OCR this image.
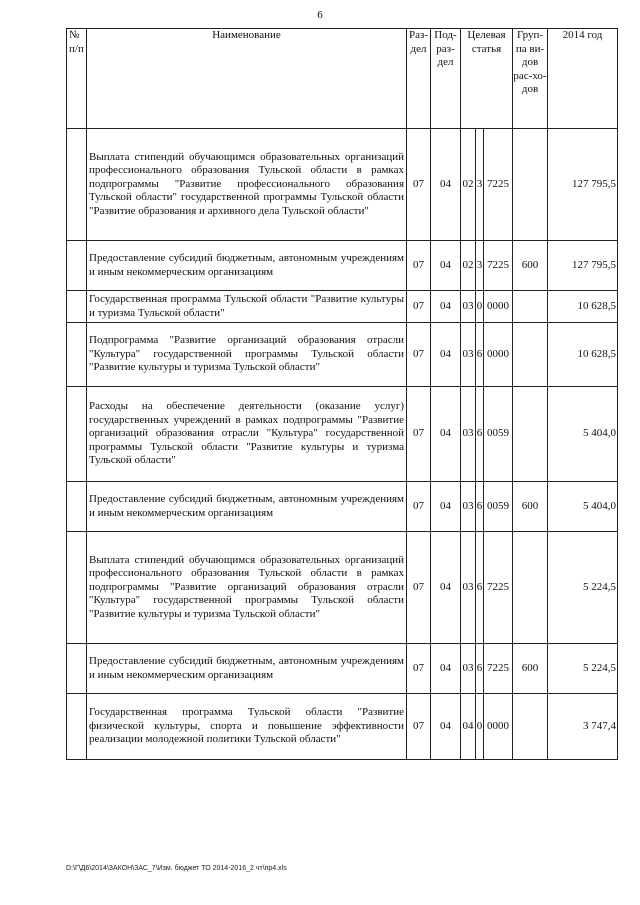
6
№ п/п	Наименование	Раз-дел	Под-раз-дел	Целевая статья			Груп-па ви-дов рас-хо-дов	2014 год
	Выплата стипендий обучающимся образовательных организаций профессионального образования Тульской области в рамках подпрограммы "Развитие профессионального образования Тульской области" государственной программы Тульской области "Развитие образования и архивного дела Тульской области"	07	04	02	3	7225		127 795,5
	Предоставление субсидий бюджетным, автономным учреждениям и иным некоммерческим организациям	07	04	02	3	7225	600	127 795,5
	Государственная программа Тульской области "Развитие культуры и туризма Тульской области"	07	04	03	0	0000		10 628,5
	Подпрограмма "Развитие организаций образования отрасли "Культура" государственной программы Тульской области "Развитие культуры и туризма Тульской области"	07	04	03	6	0000		10 628,5
	Расходы на обеспечение деятельности (оказание услуг) государственных учреждений в рамках подпрограммы "Развитие организаций образования отрасли "Культура" государственной программы Тульской области "Развитие культуры и туризма Тульской области"	07	04	03	6	0059		5 404,0
	Предоставление субсидий бюджетным, автономным учреждениям и иным некоммерческим организациям	07	04	03	6	0059	600	5 404,0
	Выплата стипендий обучающимся образовательных организаций профессионального образования Тульской области в рамках подпрограммы "Развитие организаций образования отрасли "Культура" государственной программы Тульской области "Развитие культуры и туризма Тульской области"	07	04	03	6	7225		5 224,5
	Предоставление субсидий бюджетным, автономным учреждениям и иным некоммерческим организациям	07	04	03	6	7225	600	5 224,5
	Государственная программа Тульской области "Развитие физической культуры, спорта и повышение эффективности реализации молодежной политики Тульской области"	07	04	04	0	0000		3 747,4
D:\Г\Д6\2014\ЗАКОН\ЗАС_7\Изм. бюджет ТО 2014-2016_2 чт\пр4.xls
